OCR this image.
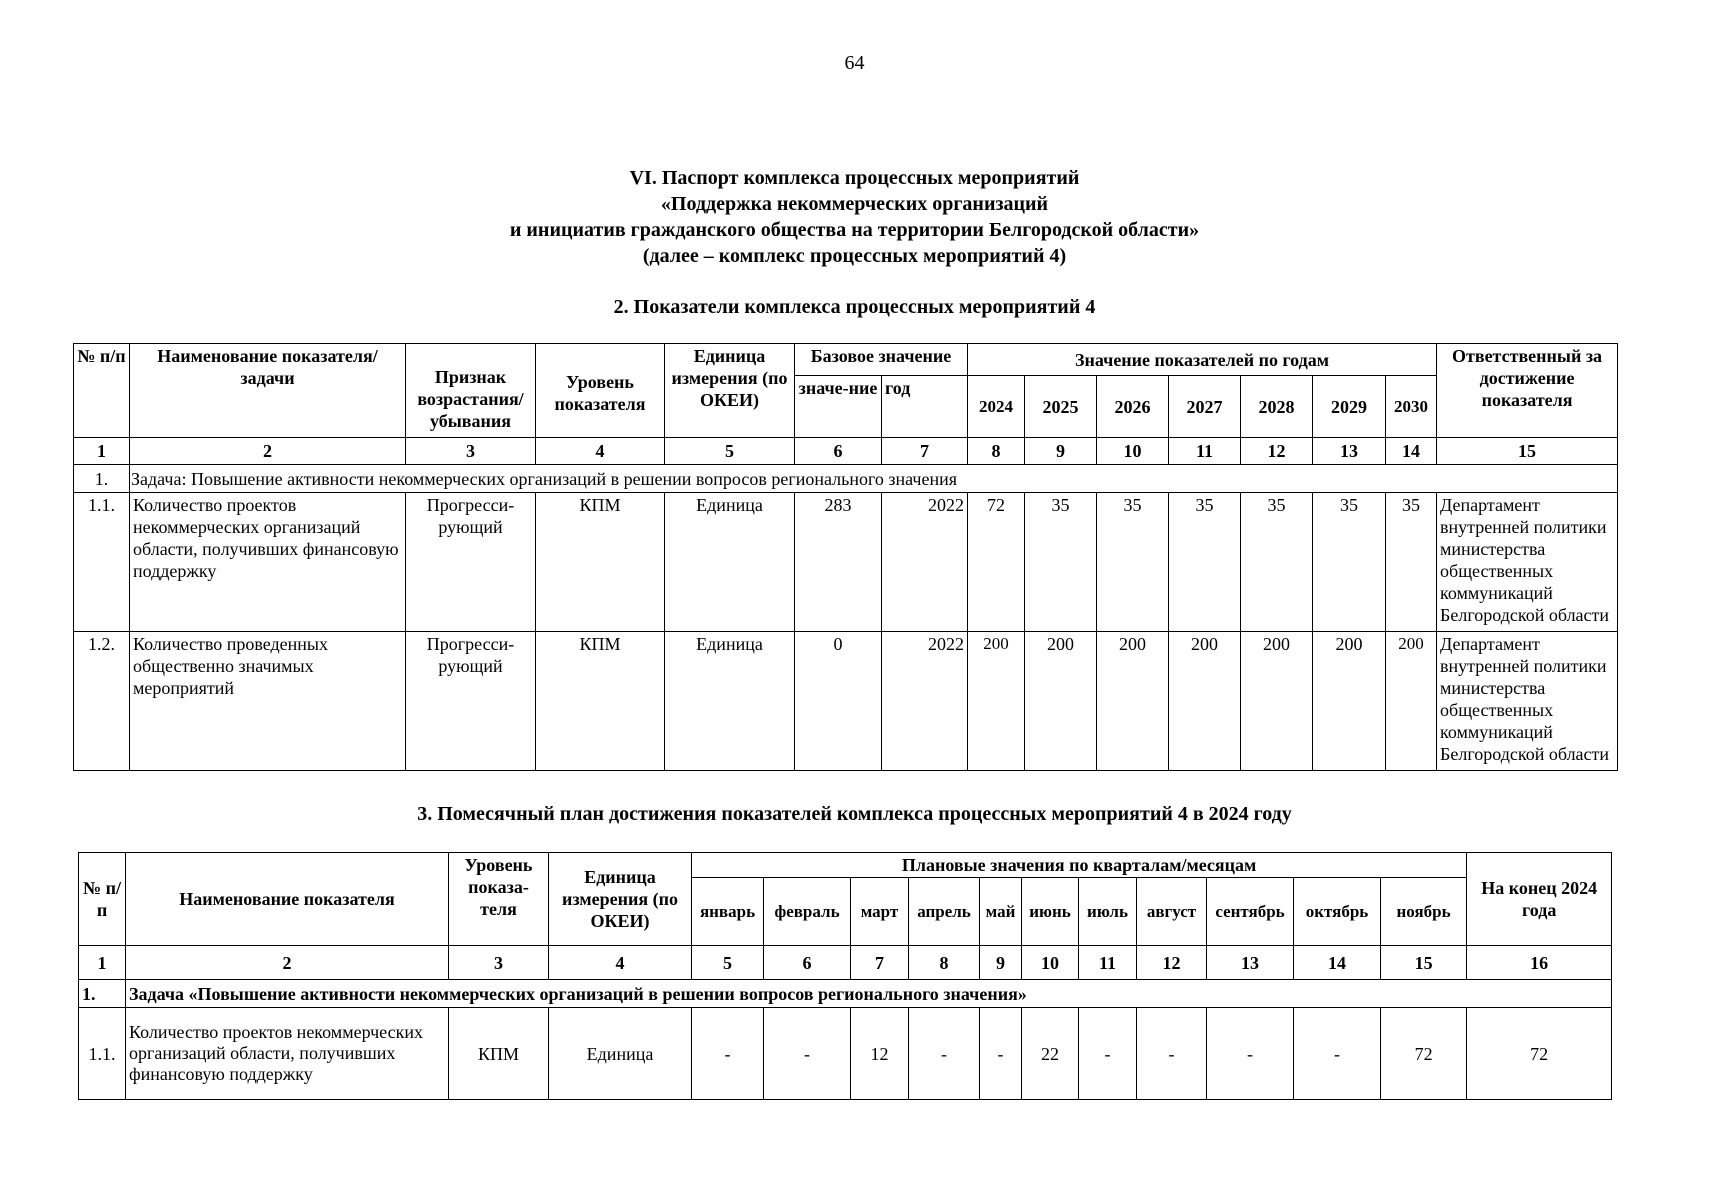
64
VI. Паспорт комплекса процессных мероприятий
«Поддержка некоммерческих организаций
и инициатив гражданского общества на территории Белгородской области»
(далее – комплекс процессных мероприятий 4)
2. Показатели комплекса процессных мероприятий 4
№ п/п	Наименование показателя/задачи	Признак возрастания/ убывания	Уровень показателя	Единица измерения (по ОКЕИ)	Базовое значение		Значение показателей по годам							Ответственный за достижение показателя
					значе-ние	год	2024	2025	2026	2027	2028	2029	2030	
1	2	3	4	5	6	7	8	9	10	11	12	13	14	15
1.	Задача: Повышение активности некоммерческих организаций в решении вопросов регионального значения													
1.1.	Количество проектов некоммерческих организаций области, получивших финансовую поддержку	Прогресси-рующий	КПМ	Единица	283	2022	72	35	35	35	35	35	35	Департамент внутренней политики министерства общественных коммуникаций Белгородской области
1.2.	Количество проведенных общественно значимых мероприятий	Прогресси-рующий	КПМ	Единица	0	2022	200	200	200	200	200	200	200	Департамент внутренней политики министерства общественных коммуникаций Белгородской области
3. Помесячный план достижения показателей комплекса процессных мероприятий 4 в 2024 году
№ п/п	Наименование показателя	Уровень показа-теля	Единица измерения (по ОКЕИ)	Плановые значения по кварталам/месяцам											На конец 2024 года
				январь	февраль	март	апрель	май	июнь	июль	август	сентябрь	октябрь	ноябрь	
1	2	3	4	5	6	7	8	9	10	11	12	13	14	15	16
1.	Задача «Повышение активности некоммерческих организаций в решении вопросов регионального значения»														
1.1.	Количество проектов некоммерческих организаций области, получивших финансовую поддержку	КПМ	Единица	-	-	12	-	-	22	-	-	-	-	72	72
